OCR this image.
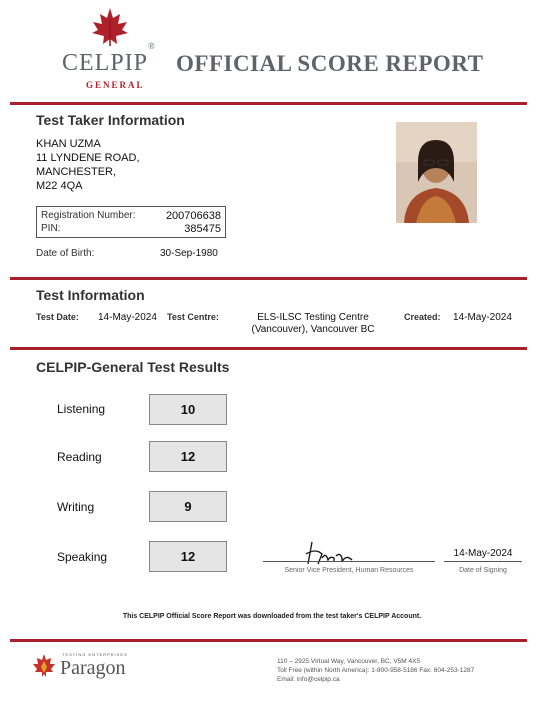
CELPIP®
GENERAL
OFFICIAL SCORE REPORT
Test Taker Information
KHAN UZMA
11 LYNDENE ROAD,
MANCHESTER,
M22 4QA
Registration Number:	200706638
PIN:	385475
Date of Birth:	30-Sep-1980
Test Information
Test Date: 14-May-2024 Test Centre:	ELS-ILSC Testing Centre
(Vancouver), Vancouver BC
Created: 14-May-2024
CELPIP-General Test Results
Listening	10
Reading	12
Writing	9
Speaking	12
Senior Vice President, Human Resources
14-May-2024
Date of Signing
This CELPIP Official Score Report was downloaded from the test taker's CELPIP Account.
TESTING ENTERPRISES
Paragon	110 – 2925 Virtual Way, Vancouver, BC, V5M 4X5
Toll Free (within North America): 1-800-958-5186 Fax: 604-253-1287
Email: info@celpip.ca
